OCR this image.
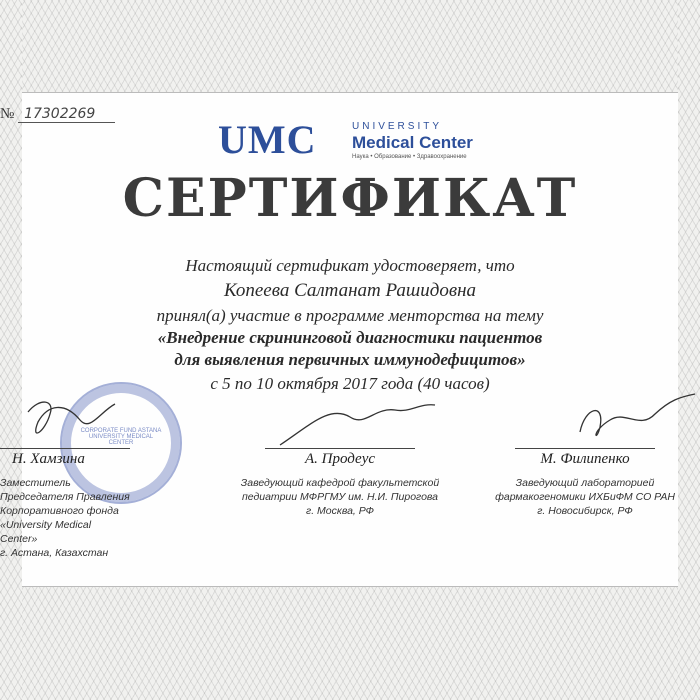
№ 17302269
UMC	UNIVERSITY
Medical Center
Наука • Образование • Здравоохранение
СЕРТИФИКАТ
Настоящий сертификат удостоверяет, что
Копеева Салтанат Рашидовна
принял(а) участие в программе менторства на тему
«Внедрение скрининговой диагностики пациентов
для выявления первичных иммунодефицитов»
с 5 по 10 октября 2017 года (40 часов)
CORPORATE FUND ASTANA UNIVERSITY MEDICAL CENTER
Н. Хамзина
Заместитель
Председателя Правления
Корпоративного фонда
«University Medical Center»
г. Астана, Казахстан
А. Продеус
Заведующий кафедрой факультетской
педиатрии МФРГМУ им. Н.И. Пирогова
г. Москва, РФ
М. Филипенко
Заведующий лабораторией
фармакогеномики ИХБиФМ СО РАН
г. Новосибирск, РФ
